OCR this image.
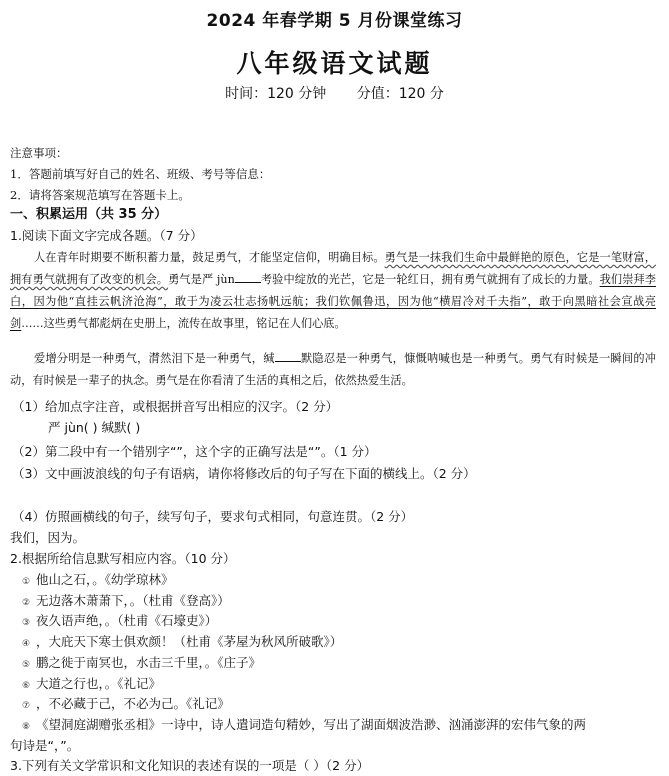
2024 年春学期 5 月份课堂练习
八年级语文试题
时间：120 分钟 分值：120 分
注意事项：
1．答题前填写好自己的姓名、班级、考号等信息：
2．请将答案规范填写在答题卡上。
一、积累运用（共 35 分）
1.阅读下面文字完成各题。（7 分）
人在青年时期要不断积蓄力量，鼓足勇气，才能坚定信仰，明确目标。勇气是一抹我们生命中最鲜艳的原色，它是一笔财富，拥有勇气就拥有了改变的机会。勇气是严 jùn 考验中绽放的光芒，它是一轮红日，拥有勇气就拥有了成长的力量。我们崇拜李白，因为他“直挂云帆济沧海”，敢于为凌云壮志扬帆远航；我们钦佩鲁迅，因为他“横眉冷对千夫指”，敢于向黑暗社会宣战亮剑……这些勇气都彪炳在史册上，流传在故事里，铭记在人们心底。
爱增分明是一种勇气，潸然泪下是一种勇气，缄 默隐忍是一种勇气，慷慨呐喊也是一种勇气。勇气有时候是一瞬间的冲动，有时候是一辈子的执念。勇气是在你看清了生活的真相之后，依然热爱生活。
（1）给加点字注音，或根据拼音写出相应的汉字。（2 分）
严 jùn( ) 缄默( )
（2）第二段中有一个错别字“”，这个字的正确写法是“”。（1 分）
（3）文中画波浪线的句子有语病，请你将修改后的句子写在下面的横线上。（2 分）
（4）仿照画横线的句子，续写句子，要求句式相同，句意连贯。（2 分）
我们，因为。
2.根据所给信息默写相应内容。（10 分）
① 他山之石，。《幼学琼林》
② 无边落木萧萧下，。（杜甫《登高》）
③ 夜久语声绝，。（杜甫《石壕吏》）
④ ，大庇天下寒士俱欢颜！（杜甫《茅屋为秋风所破歌》）
⑤ 鹏之徙于南冥也，水击三千里，。《庄子》
⑥ 大道之行也，。《礼记》
⑦ ，不必藏于己，不必为己。《礼记》
⑧ 《望洞庭湖赠张丞相》一诗中，诗人遣词造句精妙，写出了湖面烟波浩渺、汹涌澎湃的宏伟气象的两
句诗是“，”。
3.下列有关文学常识和文化知识的表述有误的一项是（ ）（2 分）
